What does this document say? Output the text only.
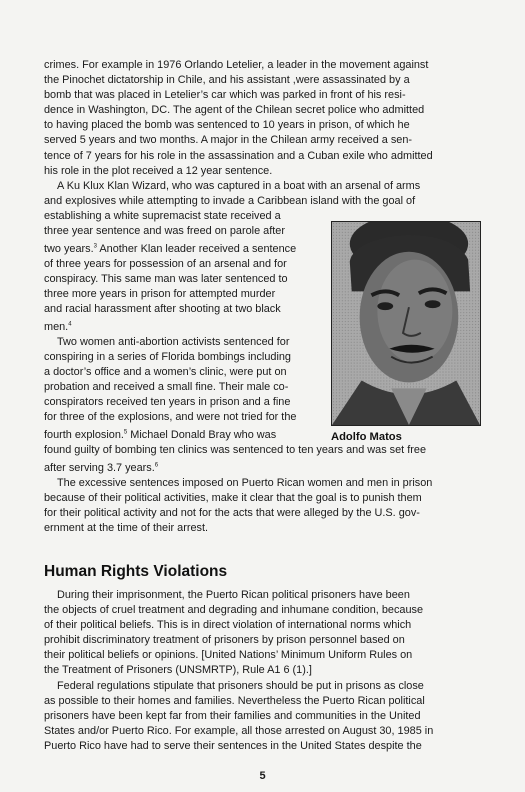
crimes. For example in 1976 Orlando Letelier, a leader in the movement against
the Pinochet dictatorship in Chile, and his assistant ,were assassinated by a
bomb that was placed in Letelier’s car which was parked in front of his resi-
dence in Washington, DC. The agent of the Chilean secret police who admitted
to having placed the bomb was sentenced to 10 years in prison, of which he
served 5 years and two months. A major in the Chilean army received a sen-
tence of 7 years for his role in the assassination and a Cuban exile who admitted
his role in the plot received a 12 year sentence.

A Ku Klux Klan Wizard, who was captured in a boat with an arsenal of arms
and explosives while attempting to invade a Caribbean island with the goal of
establishing a white supremacist state received a
three year sentence and was freed on parole after
two years.$^3$ Another Klan leader received a sentence
of three years for possession of an arsenal and for
conspiracy. This same man was later sentenced to
three more years in prison for attempted murder
and racial harassment after shooting at two black
men.$^4$

Two women anti-abortion activists sentenced for
conspiring in a series of Florida bombings including
a doctor’s office and a women’s clinic, were put on
probation and received a small fine. Their male co-
conspirators received ten years in prison and a fine
for three of the explosions, and were not tried for the
fourth explosion.$^5$ Michael Donald Bray who was
found guilty of bombing ten clinics was sentenced to ten years and was set free
after serving 3.7 years.$^6$

The excessive sentences imposed on Puerto Rican women and men in prison
because of their political activities, make it clear that the goal is to punish them
for their political activity and not for the acts that were alleged by the U.S. gov-
ernment at the time of their arrest.

Adolfo Matos
Human Rights Violations

During their imprisonment, the Puerto Rican political prisoners have been
the objects of cruel treatment and degrading and inhumane condition, because
of their political beliefs. This is in direct violation of international norms which
prohibit discriminatory treatment of prisoners by prison personnel based on
their political beliefs or opinions. [United Nations’ Minimum Uniform Rules on
the Treatment of Prisoners (UNSMRTP), Rule A1 6 (1).]

Federal regulations stipulate that prisoners should be put in prisons as close
as possible to their homes and families. Nevertheless the Puerto Rican political
prisoners have been kept far from their families and communities in the United
States and/or Puerto Rico. For example, all those arrested on August 30, 1985 in
Puerto Rico have had to serve their sentences in the United States despite the

5
